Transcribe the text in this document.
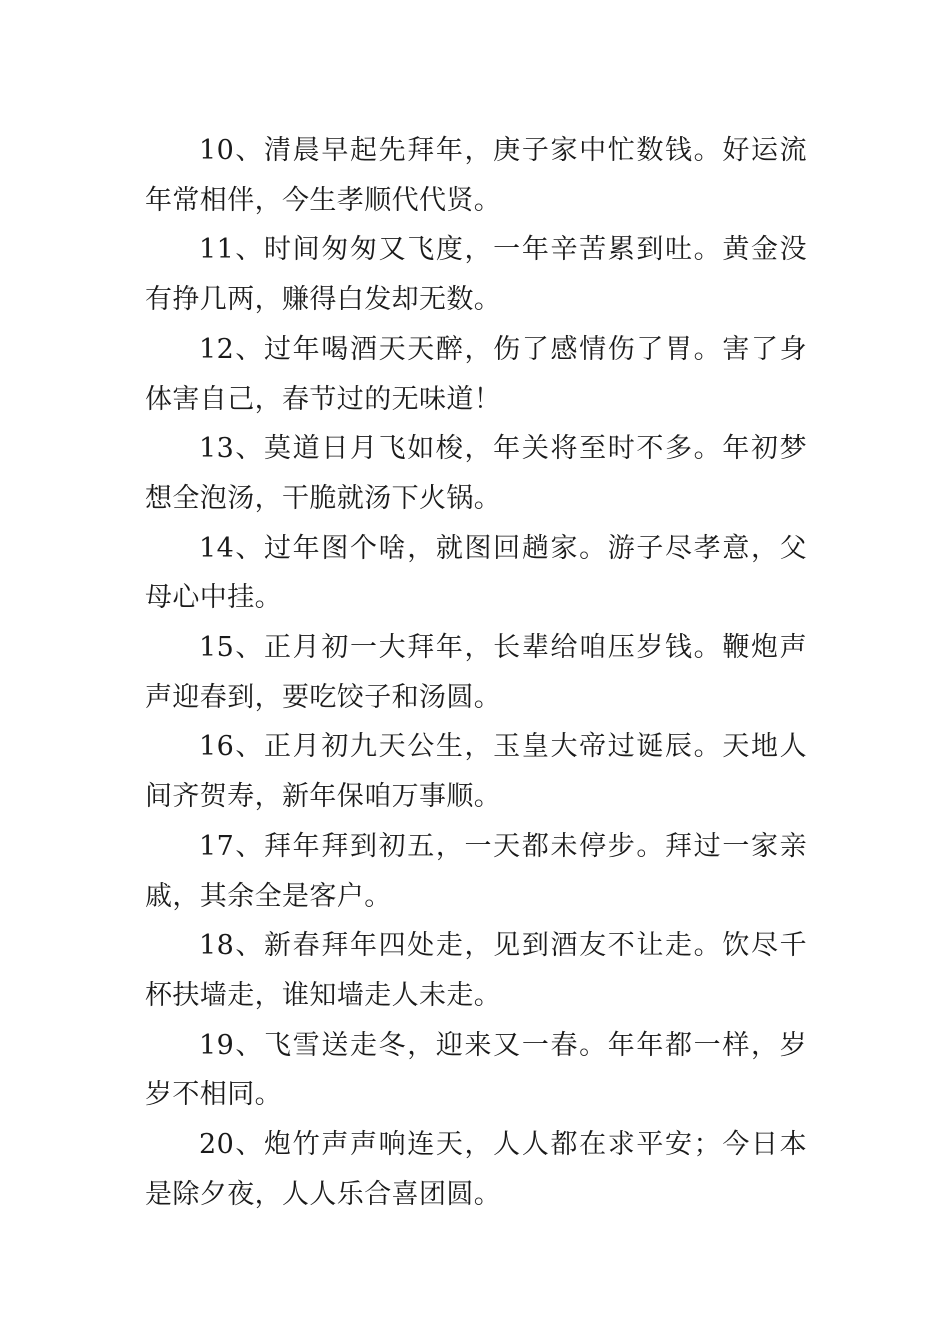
10、清晨早起先拜年，庚子家中忙数钱。好运流年常相伴，今生孝顺代代贤。

11、时间匆匆又飞度，一年辛苦累到吐。黄金没有挣几两，赚得白发却无数。

12、过年喝酒天天醉，伤了感情伤了胃。害了身体害自己，春节过的无味道！

13、莫道日月飞如梭，年关将至时不多。年初梦想全泡汤，干脆就汤下火锅。

14、过年图个啥，就图回趟家。游子尽孝意，父母心中挂。

15、正月初一大拜年，长辈给咱压岁钱。鞭炮声声迎春到，要吃饺子和汤圆。

16、正月初九天公生，玉皇大帝过诞辰。天地人间齐贺寿，新年保咱万事顺。

17、拜年拜到初五，一天都未停步。拜过一家亲戚，其余全是客户。

18、新春拜年四处走，见到酒友不让走。饮尽千杯扶墙走，谁知墙走人未走。

19、飞雪送走冬，迎来又一春。年年都一样，岁岁不相同。

20、炮竹声声响连天，人人都在求平安；今日本是除夕夜，人人乐合喜团圆。
